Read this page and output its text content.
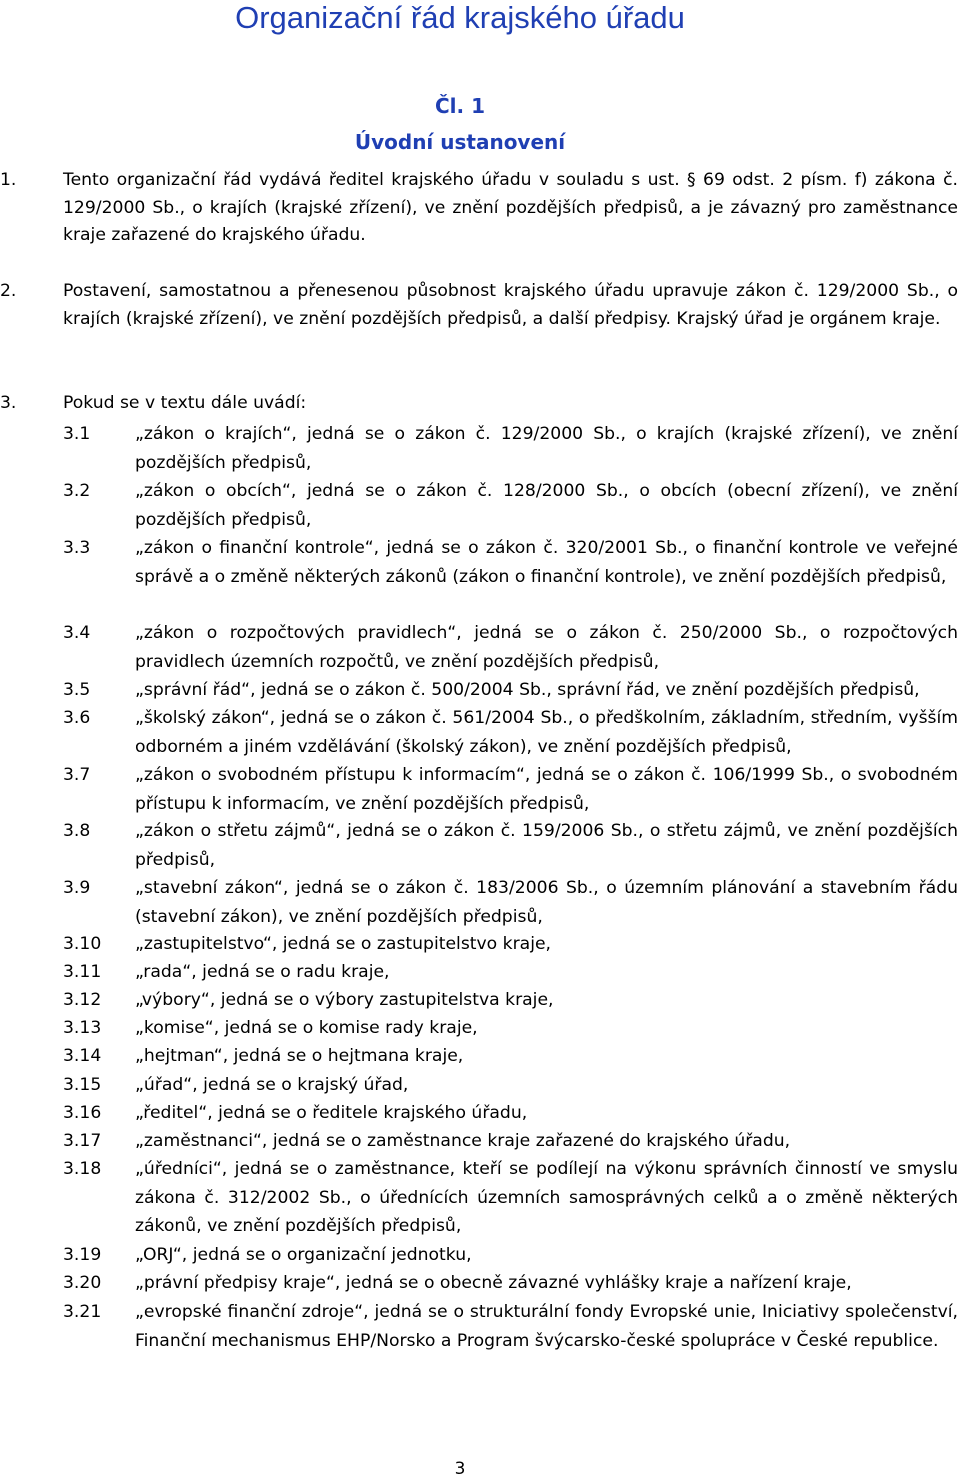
Organizační řád krajského úřadu
Čl. 1
Úvodní ustanovení
1.	Tento organizační řád vydává ředitel krajského úřadu v souladu s ust. § 69 odst. 2 písm. f) zákona č. 129/2000 Sb., o krajích (krajské zřízení), ve znění pozdějších předpisů, a je závazný pro zaměstnance kraje zařazené do krajského úřadu.
2.	Postavení, samostatnou a přenesenou působnost krajského úřadu upravuje zákon č. 129/2000 Sb., o krajích (krajské zřízení), ve znění pozdějších předpisů, a další předpisy. Krajský úřad je orgánem kraje.
3.	Pokud se v textu dále uvádí:
3.1	„zákon o krajích“, jedná se o zákon č. 129/2000 Sb., o krajích (krajské zřízení), ve znění pozdějších předpisů,
3.2	„zákon o obcích“, jedná se o zákon č. 128/2000 Sb., o obcích (obecní zřízení), ve znění pozdějších předpisů,
3.3	„zákon o finanční kontrole“, jedná se o zákon č. 320/2001 Sb., o finanční kontrole ve veřejné správě a o změně některých zákonů (zákon o finanční kontrole), ve znění pozdějších předpisů,
3.4	„zákon o rozpočtových pravidlech“, jedná se o zákon č. 250/2000 Sb., o rozpočtových pravidlech územních rozpočtů, ve znění pozdějších předpisů,
3.5	„správní řád“, jedná se o zákon č. 500/2004 Sb., správní řád, ve znění pozdějších předpisů,
3.6	„školský zákon“, jedná se o zákon č. 561/2004 Sb., o předškolním, základním, středním, vyšším odborném a jiném vzdělávání (školský zákon), ve znění pozdějších předpisů,
3.7	„zákon o svobodném přístupu k informacím“, jedná se o zákon č. 106/1999 Sb., o svobodném přístupu k informacím, ve znění pozdějších předpisů,
3.8	„zákon o střetu zájmů“, jedná se o zákon č. 159/2006 Sb., o střetu zájmů, ve znění pozdějších předpisů,
3.9	„stavební zákon“, jedná se o zákon č. 183/2006 Sb., o územním plánování a stavebním řádu (stavební zákon), ve znění pozdějších předpisů,
3.10 „zastupitelstvo“, jedná se o zastupitelstvo kraje,
3.11 „rada“, jedná se o radu kraje,
3.12 „výbory“, jedná se o výbory zastupitelstva kraje,
3.13 „komise“, jedná se o komise rady kraje,
3.14 „hejtman“, jedná se o hejtmana kraje,
3.15 „úřad“, jedná se o krajský úřad,
3.16 „ředitel“, jedná se o ředitele krajského úřadu,
3.17 „zaměstnanci“, jedná se o zaměstnance kraje zařazené do krajského úřadu,
3.18 „úředníci“, jedná se o zaměstnance, kteří se podílejí na výkonu správních činností ve smyslu zákona č. 312/2002 Sb., o úřednících územních samosprávných celků a o změně některých zákonů, ve znění pozdějších předpisů,
3.19 „ORJ“, jedná se o organizační jednotku,
3.20 „právní předpisy kraje“, jedná se o obecně závazné vyhlášky kraje a nařízení kraje,
3.21 „evropské finanční zdroje“, jedná se o strukturální fondy Evropské unie, Iniciativy společenství, Finanční mechanismus EHP/Norsko a Program švýcarsko-české spolupráce v České republice.
3
